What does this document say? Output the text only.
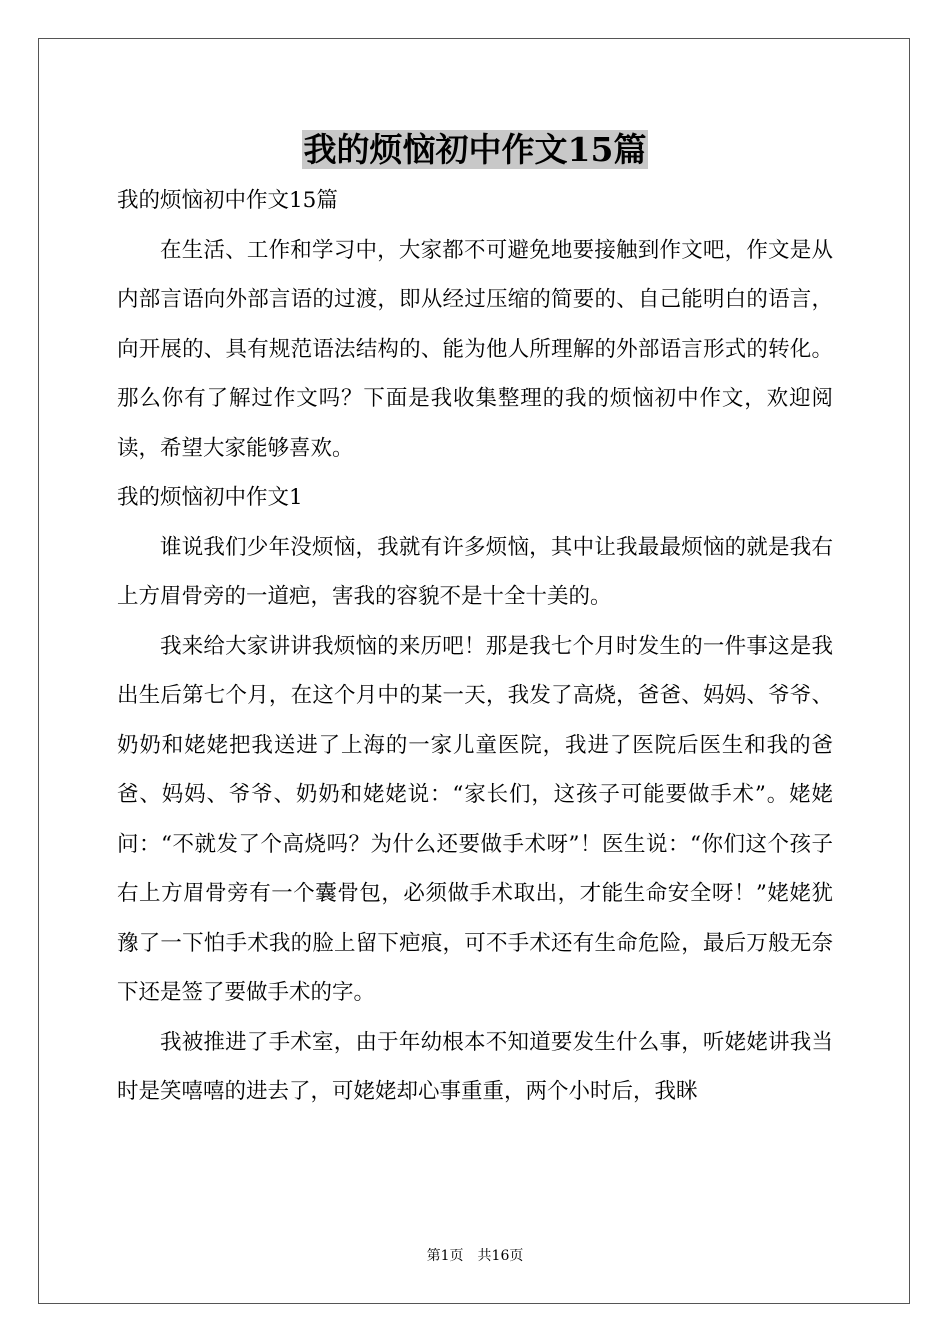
我的烦恼初中作文15篇

我的烦恼初中作文15篇

在生活、工作和学习中，大家都不可避免地要接触到作文吧，作文是从内部言语向外部言语的过渡，即从经过压缩的简要的、自己能明白的语言，向开展的、具有规范语法结构的、能为他人所理解的外部语言形式的转化。那么你有了解过作文吗？下面是我收集整理的我的烦恼初中作文，欢迎阅读，希望大家能够喜欢。

我的烦恼初中作文1

谁说我们少年没烦恼，我就有许多烦恼，其中让我最最烦恼的就是我右上方眉骨旁的一道疤，害我的容貌不是十全十美的。

我来给大家讲讲我烦恼的来历吧！那是我七个月时发生的一件事这是我出生后第七个月，在这个月中的某一天，我发了高烧，爸爸、妈妈、爷爷、奶奶和姥姥把我送进了上海的一家儿童医院，我进了医院后医生和我的爸爸、妈妈、爷爷、奶奶和姥姥说：“家长们，这孩子可能要做手术”。姥姥问：“不就发了个高烧吗？为什么还要做手术呀”！医生说：“你们这个孩子右上方眉骨旁有一个囊骨包，必须做手术取出，才能生命安全呀！”姥姥犹豫了一下怕手术我的脸上留下疤痕，可不手术还有生命危险，最后万般无奈下还是签了要做手术的字。

我被推进了手术室，由于年幼根本不知道要发生什么事，听姥姥讲我当时是笑嘻嘻的进去了，可姥姥却心事重重，两个小时后，我眯

第1页　共16页
